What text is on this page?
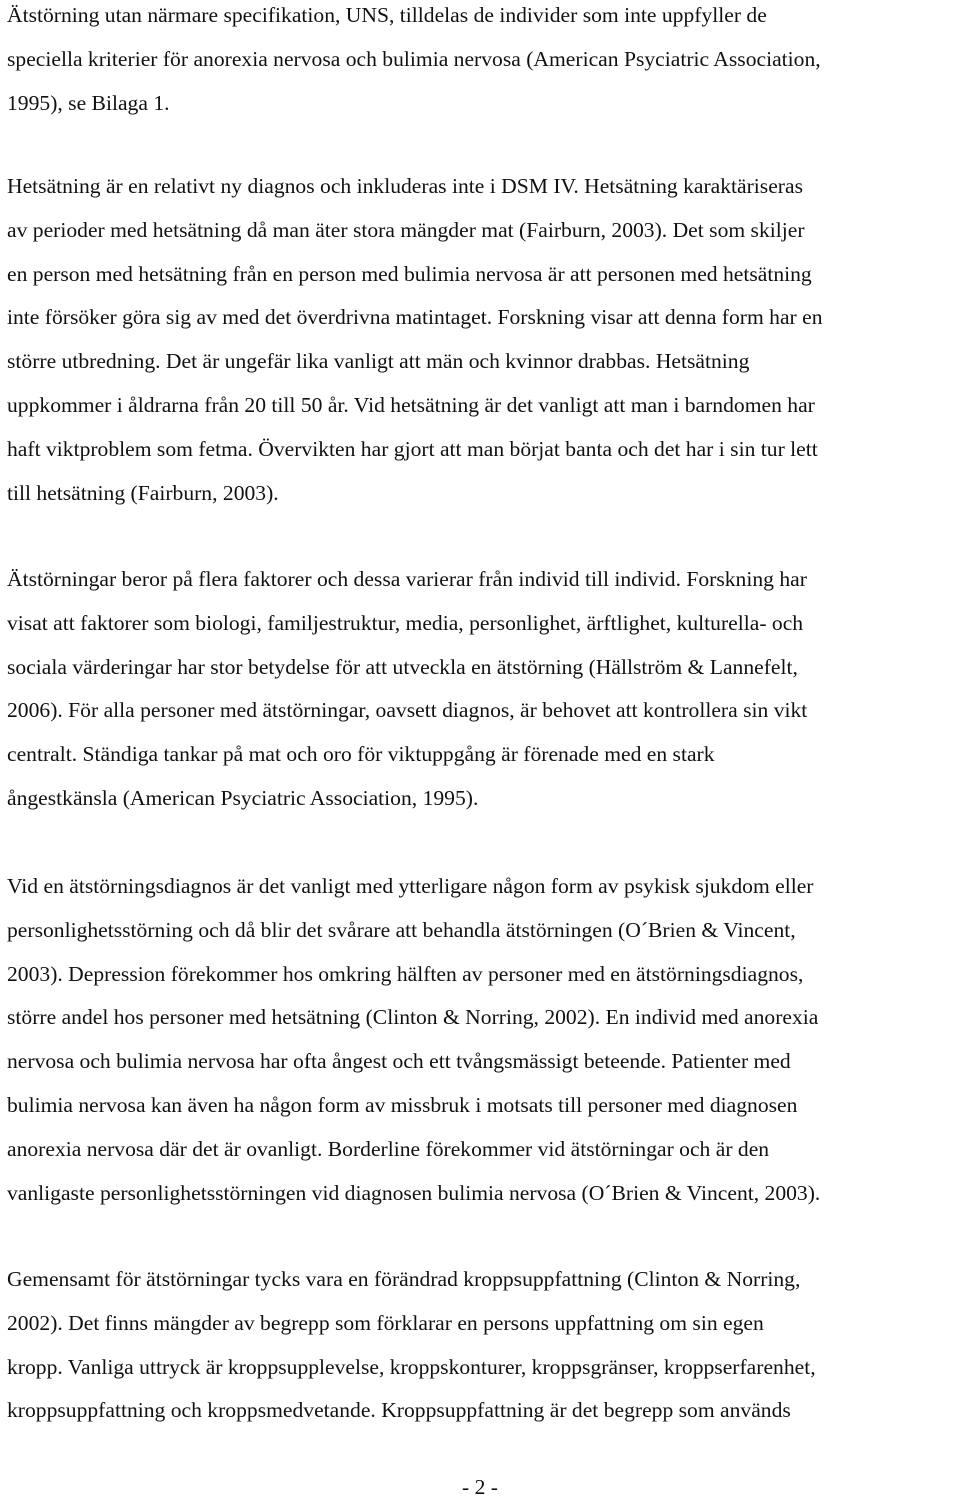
Ätstörning utan närmare specifikation, UNS, tilldelas de individer som inte uppfyller de
speciella kriterier för anorexia nervosa och bulimia nervosa (American Psyciatric Association,
1995), se Bilaga 1.
Hetsätning är en relativt ny diagnos och inkluderas inte i DSM IV. Hetsätning karaktäriseras
av perioder med hetsätning då man äter stora mängder mat (Fairburn, 2003). Det som skiljer
en person med hetsätning från en person med bulimia nervosa är att personen med hetsätning
inte försöker göra sig av med det överdrivna matintaget. Forskning visar att denna form har en
större utbredning. Det är ungefär lika vanligt att män och kvinnor drabbas. Hetsätning
uppkommer i åldrarna från 20 till 50 år. Vid hetsätning är det vanligt att man i barndomen har
haft viktproblem som fetma. Övervikten har gjort att man börjat banta och det har i sin tur lett
till hetsätning (Fairburn, 2003).
Ätstörningar beror på flera faktorer och dessa varierar från individ till individ. Forskning har
visat att faktorer som biologi, familjestruktur, media, personlighet, ärftlighet, kulturella- och
sociala värderingar har stor betydelse för att utveckla en ätstörning (Hällström & Lannefelt,
2006). För alla personer med ätstörningar, oavsett diagnos, är behovet att kontrollera sin vikt
centralt. Ständiga tankar på mat och oro för viktuppgång är förenade med en stark
ångestkänsla (American Psyciatric Association, 1995).
Vid en ätstörningsdiagnos är det vanligt med ytterligare någon form av psykisk sjukdom eller
personlighetsstörning och då blir det svårare att behandla ätstörningen (O´Brien & Vincent,
2003). Depression förekommer hos omkring hälften av personer med en ätstörningsdiagnos,
större andel hos personer med hetsätning (Clinton & Norring, 2002). En individ med anorexia
nervosa och bulimia nervosa har ofta ångest och ett tvångsmässigt beteende. Patienter med
bulimia nervosa kan även ha någon form av missbruk i motsats till personer med diagnosen
anorexia nervosa där det är ovanligt. Borderline förekommer vid ätstörningar och är den
vanligaste personlighetsstörningen vid diagnosen bulimia nervosa (O´Brien & Vincent, 2003).
Gemensamt för ätstörningar tycks vara en förändrad kroppsuppfattning (Clinton & Norring,
2002). Det finns mängder av begrepp som förklarar en persons uppfattning om sin egen
kropp. Vanliga uttryck är kroppsupplevelse, kroppskonturer, kroppsgränser, kroppserfarenhet,
kroppsuppfattning och kroppsmedvetande. Kroppsuppfattning är det begrepp som används
- 2 -
